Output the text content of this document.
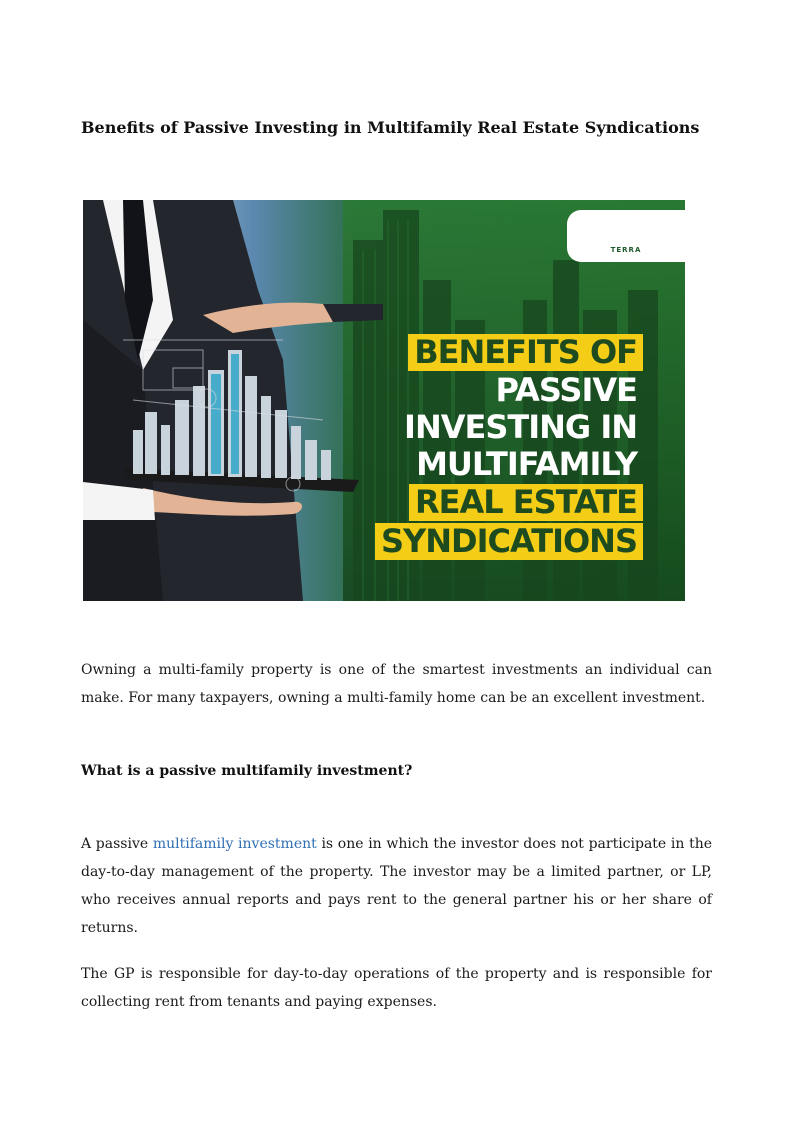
Benefits of Passive Investing in Multifamily Real Estate Syndications
TERRA
BENEFITS OF
PASSIVE
INVESTING IN
MULTIFAMILY
REAL ESTATE
SYNDICATIONS

Owning a multi-family property is one of the smartest investments an individual can make. For many taxpayers, owning a multi-family home can be an excellent investment.

What is a passive multifamily investment?

A passive multifamily investment is one in which the investor does not participate in the day-to-day management of the property. The investor may be a limited partner, or LP, who receives annual reports and pays rent to the general partner his or her share of returns.

The GP is responsible for day-to-day operations of the property and is responsible for collecting rent from tenants and paying expenses.
